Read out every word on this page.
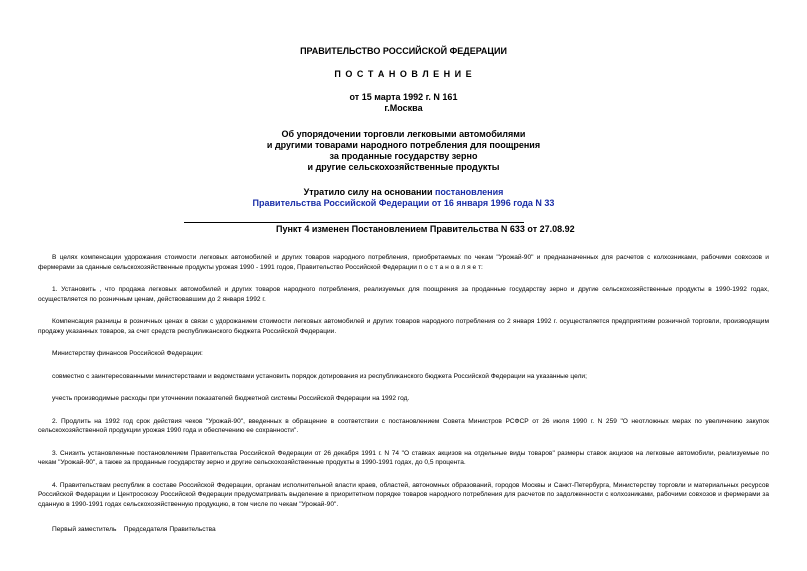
ПРАВИТЕЛЬСТВО РОССИЙСКОЙ ФЕДЕРАЦИИ
П О С Т А Н О В Л Е Н И Е
от 15 марта 1992 г. N 161
г.Москва
Об упорядочении торговли легковыми автомобилями
и другими товарами народного потребления для поощрения
за проданные государству зерно
и другие сельскохозяйственные продукты
Утратило силу на основании постановления
Правительства Российской Федерации от 16 января 1996 года N 33
Пункт 4 изменен Постановлением Правительства N 633 от 27.08.92

В целях компенсации удорожания стоимости легковых автомобилей и других товаров народного потребления, приобретаемых по чекам "Урожай-90" и предназначенных для расчетов с колхозниками, рабочими совхозов и фермерами за сданные сельскохозяйственные продукты урожая 1990 - 1991 годов, Правительство Российской Федерации п о с т а н о в л я е т:

1. Установить , что продажа легковых автомобилей и других товаров народного потребления, реализуемых для поощрения за проданные государству зерно и другие сельскохозяйственные продукты в 1990-1992 годах, осуществляется по розничным ценам, действовавшим до 2 января 1992 г.

Компенсация разницы в розничных ценах в связи с удорожанием стоимости легковых автомобилей и других товаров народного потребления со 2 января 1992 г. осуществляется предприятиям розничной торговли, производящим продажу указанных товаров, за счет средств республиканского бюджета Российской Федерации.

Министерству финансов Российской Федерации:

совместно с заинтересованными министерствами и ведомствами установить порядок дотирования из республиканского бюджета Российской Федерации на указанные цели;

учесть производимые расходы при уточнении показателей бюджетной системы Российской Федерации на 1992 год.

2. Продлить на 1992 год срок действия чеков "Урожай-90", введенных в обращение в соответствии с постановлением Совета Министров РСФСР от 26 июля 1990 г. N 259 "О неотложных мерах по увеличению закупок сельскохозяйственной продукции урожая 1990 года и обеспечению ее сохранности".

3. Снизить установленные постановлением Правительства Российской Федерации от 26 декабря 1991 г. N 74 "О ставках акцизов на отдельные виды товаров" размеры ставок акцизов на легковые автомобили, реализуемые по чекам "Урожай-90", а также за проданные государству зерно и другие сельскохозяйственные продукты в 1990-1991 годах, до 0,5 процента.

4. Правительствам республик в составе Российской Федерации, органам исполнительной власти краев, областей, автономных образований, городов Москвы и Санкт-Петербурга, Министерству торговли и материальных ресурсов Российской Федерации и Центросоюзу Российской Федерации предусматривать выделение в приоритетном порядке товаров народного потребления для расчетов по задолженности с колхозниками, рабочими совхозов и фермерами за сданную в 1990-1991 годах сельскохозяйственную продукцию, в том числе по чекам "Урожай-90".

Первый заместитель    Председателя Правительства
